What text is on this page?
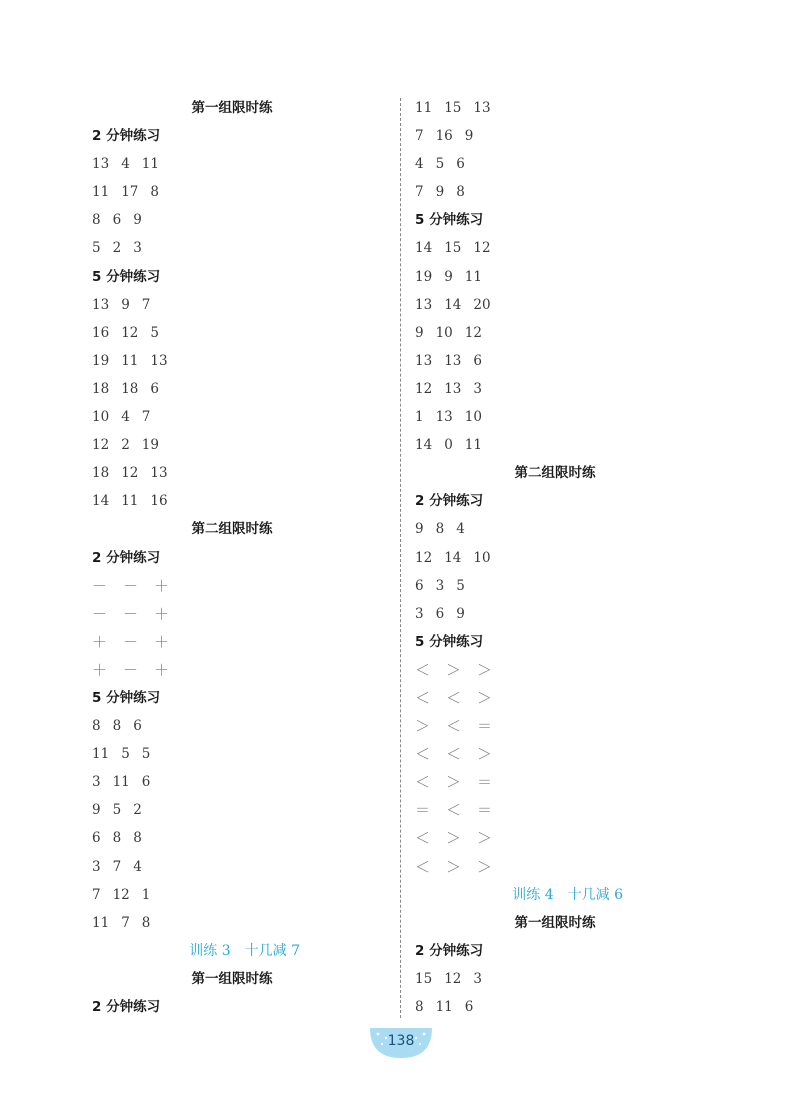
第一组限时练
2 分钟练习
13 4 11
11 17 8
8 6 9
5 2 3
5 分钟练习
13 9 7
16 12 5
19 11 13
18 18 6
10 4 7
12 2 19
18 12 13
14 11 16
第二组限时练
2 分钟练习
－ － ＋
－ － ＋
＋ － ＋
＋ － ＋
5 分钟练习
8 8 6
11 5 5
3 11 6
9 5 2
6 8 8
3 7 4
7 12 1
11 7 8
训练 3 十几减 7
第一组限时练
2 分钟练习
11 15 13
7 16 9
4 5 6
7 9 8
5 分钟练习
14 15 12
19 9 11
13 14 20
9 10 12
13 13 6
12 13 3
1 13 10
14 0 11
第二组限时练
2 分钟练习
9 8 4
12 14 10
6 3 5
3 6 9
5 分钟练习
＜ ＞ ＞
＜ ＜ ＞
＞ ＜ ＝
＜ ＜ ＞
＜ ＞ ＝
＝ ＜ ＝
＜ ＞ ＞
＜ ＞ ＞
训练 4 十几减 6
第一组限时练
2 分钟练习
15 12 3
8 11 6
138
